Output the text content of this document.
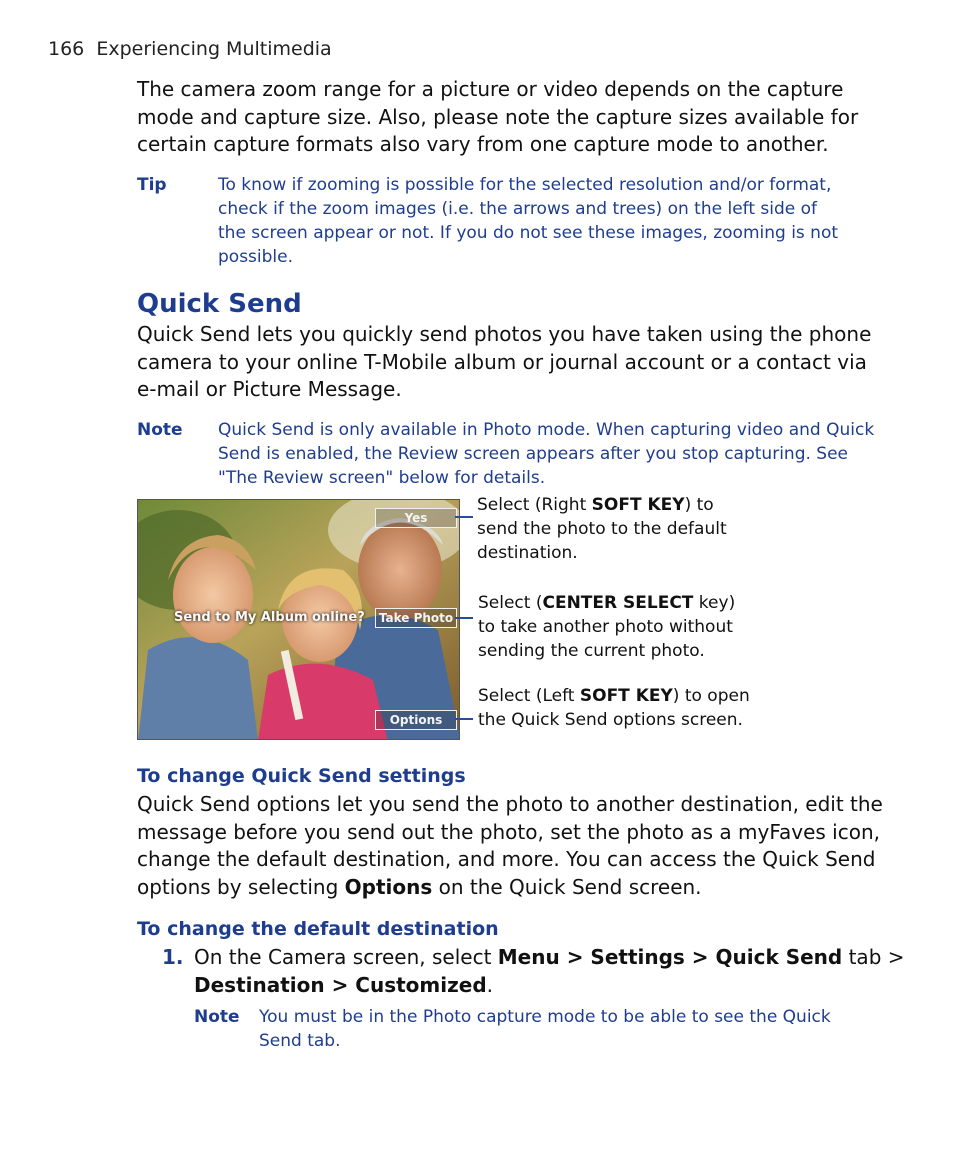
166 Experiencing Multimedia
The camera zoom range for a picture or video depends on the capture
mode and capture size. Also, please note the capture sizes available for
certain capture formats also vary from one capture mode to another.
Tip	To know if zooming is possible for the selected resolution and/or format,
check if the zoom images (i.e. the arrows and trees) on the left side of
the screen appear or not. If you do not see these images, zooming is not
possible.
Quick Send
Quick Send lets you quickly send photos you have taken using the phone
camera to your online T-Mobile album or journal account or a contact via
e-mail or Picture Message.
Note Quick Send is only available in Photo mode. When capturing video and Quick
Send is enabled, the Review screen appears after you stop capturing. See
"The Review screen" below for details.
Yes
Send to My Album online?	Take Photo
Options
Select (Right SOFT KEY) to
send the photo to the default
destination.
Select (CENTER SELECT key)
to take another photo without
sending the current photo.
Select (Left SOFT KEY) to open
the Quick Send options screen.
To change Quick Send settings
Quick Send options let you send the photo to another destination, edit the
message before you send out the photo, set the photo as a myFaves icon,
change the default destination, and more. You can access the Quick Send
options by selecting Options on the Quick Send screen.
To change the default destination
1. On the Camera screen, select Menu > Settings > Quick Send tab >
Destination > Customized.
Note You must be in the Photo capture mode to be able to see the Quick
Send tab.
